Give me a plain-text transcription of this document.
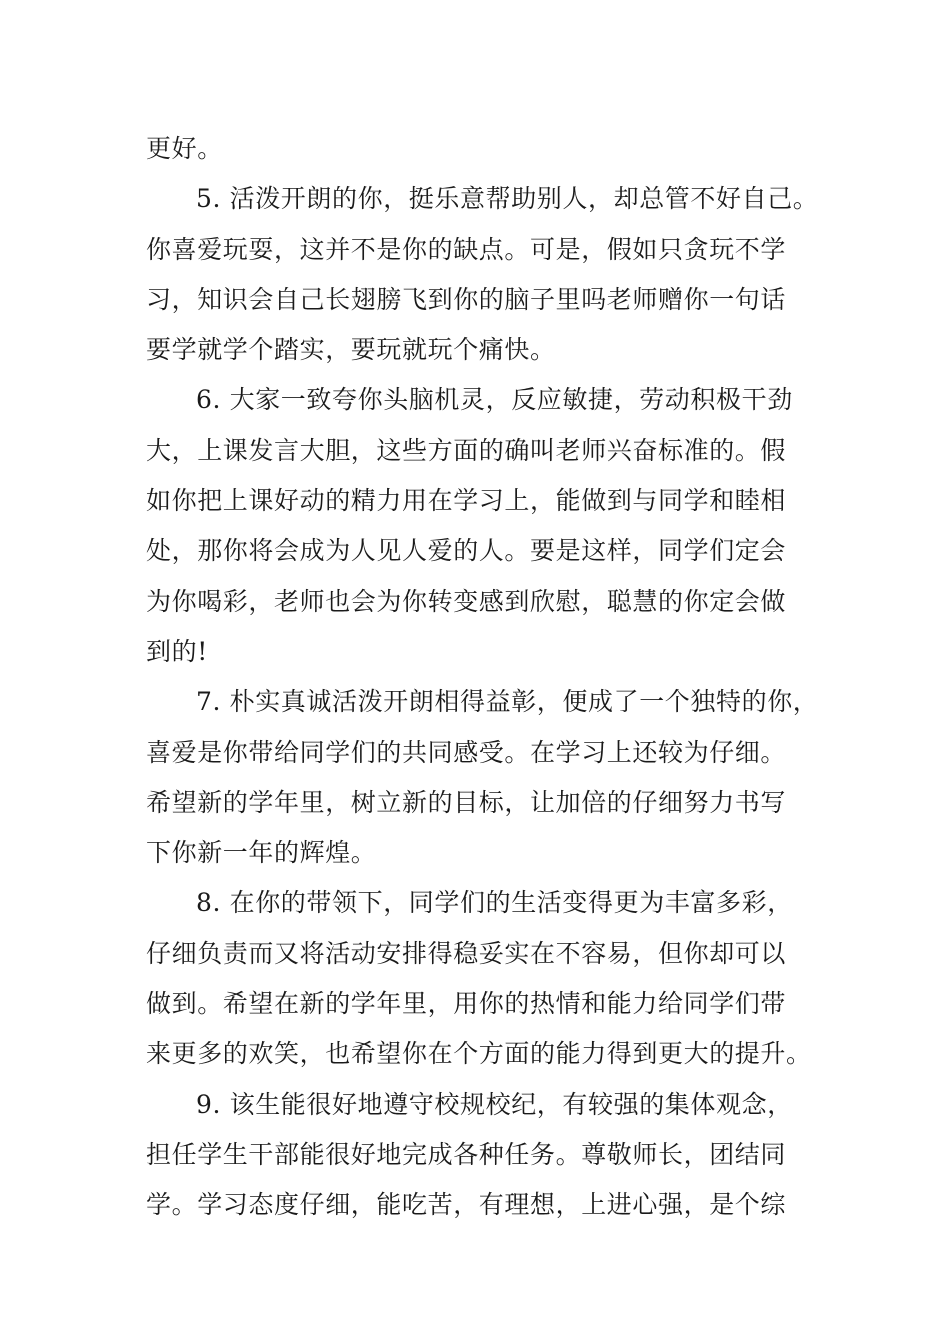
更好。
5. 活泼开朗的你，挺乐意帮助别人，却总管不好自己。
你喜爱玩耍，这并不是你的缺点。可是，假如只贪玩不学
习，知识会自己长翅膀飞到你的脑子里吗老师赠你一句话
要学就学个踏实，要玩就玩个痛快。
6. 大家一致夸你头脑机灵，反应敏捷，劳动积极干劲
大，上课发言大胆，这些方面的确叫老师兴奋标准的。假
如你把上课好动的精力用在学习上，能做到与同学和睦相
处，那你将会成为人见人爱的人。要是这样，同学们定会
为你喝彩，老师也会为你转变感到欣慰，聪慧的你定会做
到的!
7. 朴实真诚活泼开朗相得益彰，便成了一个独特的你，
喜爱是你带给同学们的共同感受。在学习上还较为仔细。
希望新的学年里，树立新的目标，让加倍的仔细努力书写
下你新一年的辉煌。
8. 在你的带领下，同学们的生活变得更为丰富多彩，
仔细负责而又将活动安排得稳妥实在不容易，但你却可以
做到。希望在新的学年里，用你的热情和能力给同学们带
来更多的欢笑，也希望你在个方面的能力得到更大的提升。
9. 该生能很好地遵守校规校纪，有较强的集体观念，
担任学生干部能很好地完成各种任务。尊敬师长，团结同
学。学习态度仔细，能吃苦，有理想，上进心强，是个综
